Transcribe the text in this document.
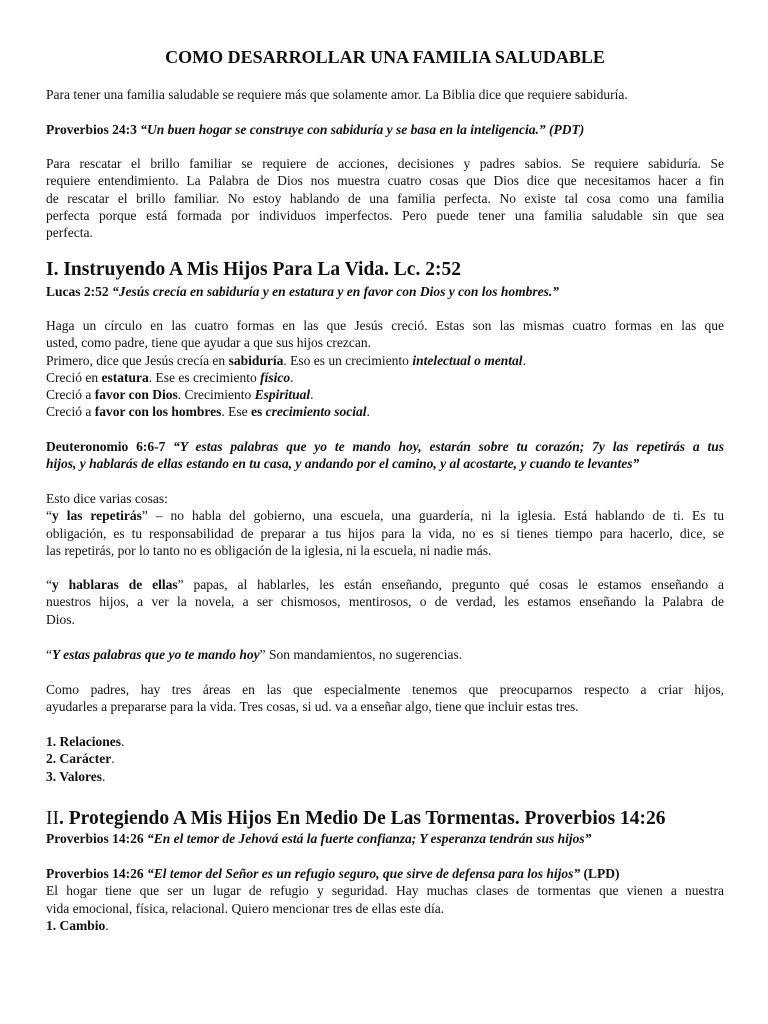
COMO DESARROLLAR UNA FAMILIA SALUDABLE

Para tener una familia saludable se requiere más que solamente amor. La Biblia dice que requiere sabiduría.

Proverbios 24:3 “Un buen hogar se construye con sabiduría y se basa en la inteligencia.” (PDT)

Para rescatar el brillo familiar se requiere de acciones, decisiones y padres sabios. Se requiere sabiduría. Se
requiere entendimiento. La Palabra de Dios nos muestra cuatro cosas que Dios dice que necesitamos hacer a fin
de rescatar el brillo familiar. No estoy hablando de una familia perfecta. No existe tal cosa como una familia
perfecta porque está formada por individuos imperfectos. Pero puede tener una familia saludable sin que sea
perfecta.

I. Instruyendo A Mis Hijos Para La Vida. Lc. 2:52

Lucas 2:52 “Jesús crecía en sabiduría y en estatura y en favor con Dios y con los hombres.”

Haga un círculo en las cuatro formas en las que Jesús creció. Estas son las mismas cuatro formas en las que
usted, como padre, tiene que ayudar a que sus hijos crezcan.
Primero, dice que Jesús crecía en sabiduría. Eso es un crecimiento intelectual o mental.
Creció en estatura. Ese es crecimiento físico.
Creció a favor con Dios. Crecimiento Espiritual.
Creció a favor con los hombres. Ese es crecimiento social.

Deuteronomio 6:6-7 “Y estas palabras que yo te mando hoy, estarán sobre tu corazón; 7y las repetirás a tus
hijos, y hablarás de ellas estando en tu casa, y andando por el camino, y al acostarte, y cuando te levantes”

Esto dice varias cosas:
“y las repetirás” – no habla del gobierno, una escuela, una guardería, ni la iglesia. Está hablando de ti. Es tu
obligación, es tu responsabilidad de preparar a tus hijos para la vida, no es si tienes tiempo para hacerlo, dice, se
las repetirás, por lo tanto no es obligación de la iglesia, ni la escuela, ni nadie más.

“y hablaras de ellas” papas, al hablarles, les están enseñando, pregunto qué cosas le estamos enseñando a
nuestros hijos, a ver la novela, a ser chismosos, mentirosos, o de verdad, les estamos enseñando la Palabra de
Dios.

“Y estas palabras que yo te mando hoy” Son mandamientos, no sugerencias.

Como padres, hay tres áreas en las que especialmente tenemos que preocuparnos respecto a criar hijos,
ayudarles a prepararse para la vida. Tres cosas, si ud. va a enseñar algo, tiene que incluir estas tres.

1. Relaciones.
2. Carácter.
3. Valores.

II. Protegiendo A Mis Hijos En Medio De Las Tormentas. Proverbios 14:26

Proverbios 14:26 “En el temor de Jehová está la fuerte confianza; Y esperanza tendrán sus hijos”

Proverbios 14:26 “El temor del Señor es un refugio seguro, que sirve de defensa para los hijos” (LPD)
El hogar tiene que ser un lugar de refugio y seguridad. Hay muchas clases de tormentas que vienen a nuestra
vida emocional, física, relacional. Quiero mencionar tres de ellas este día.
1. Cambio.
